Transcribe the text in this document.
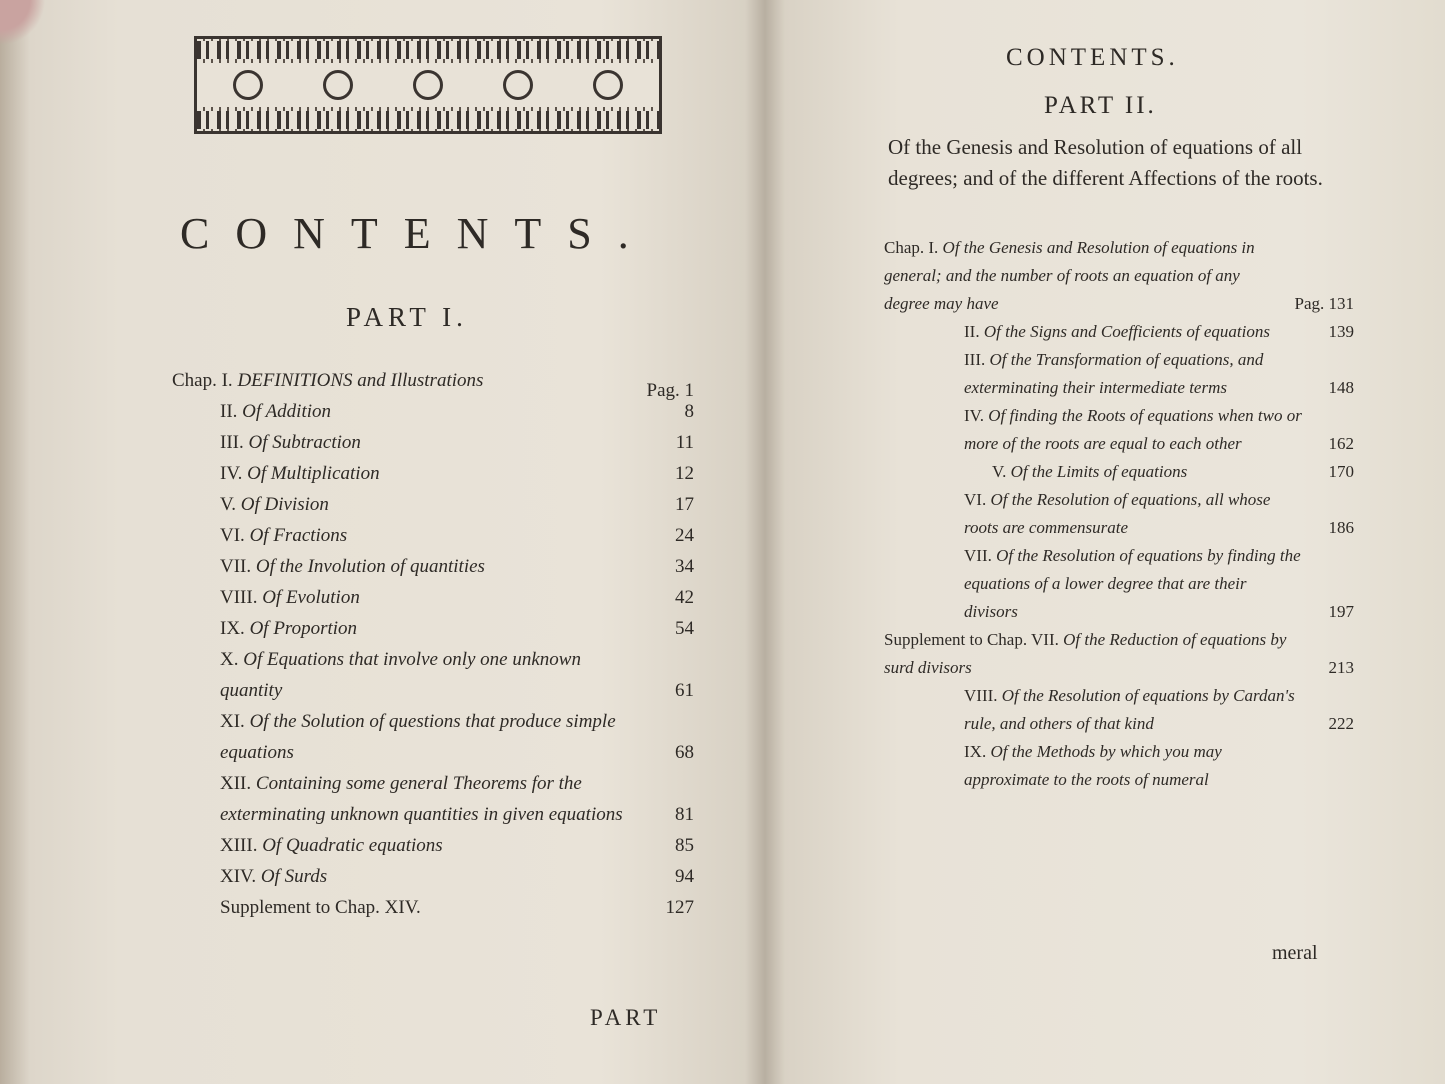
CONTENTS.
PART I.
Chap. I. DEFINITIONS and Illustrations	Pag. 1
II. Of Addition	8
III. Of Subtraction	11
IV. Of Multiplication	12
V. Of Division	17
VI. Of Fractions	24
VII. Of the Involution of quantities	34
VIII. Of Evolution	42
IX. Of Proportion	54
X. Of Equations that involve only one unknown quantity	61
XI. Of the Solution of questions that produce simple equations	68
XII. Containing some general Theorems for the exterminating unknown quantities in given equations	81
XIII. Of Quadratic equations	85
XIV. Of Surds	94
Supplement to Chap. XIV.	127

PART

CONTENTS.
PART II.

Of the Genesis and Resolution of equations of all degrees; and of the different Affections of the roots.

Chap. I. Of the Genesis and Resolution of equations in general; and the number of roots an equation of any degree may have	Pag. 131
II. Of the Signs and Coefficients of equations	139
III. Of the Transformation of equations, and exterminating their intermediate terms	148
IV. Of finding the Roots of equations when two or more of the roots are equal to each other	162
V. Of the Limits of equations	170
VI. Of the Resolution of equations, all whose roots are commensurate	186
VII. Of the Resolution of equations by finding the equations of a lower degree that are their divisors	197
Supplement to Chap. VII. Of the Reduction of equations by surd divisors	213
VIII. Of the Resolution of equations by Cardan's rule, and others of that kind	222
IX. Of the Methods by which you may approximate to the roots of numeral

meral
